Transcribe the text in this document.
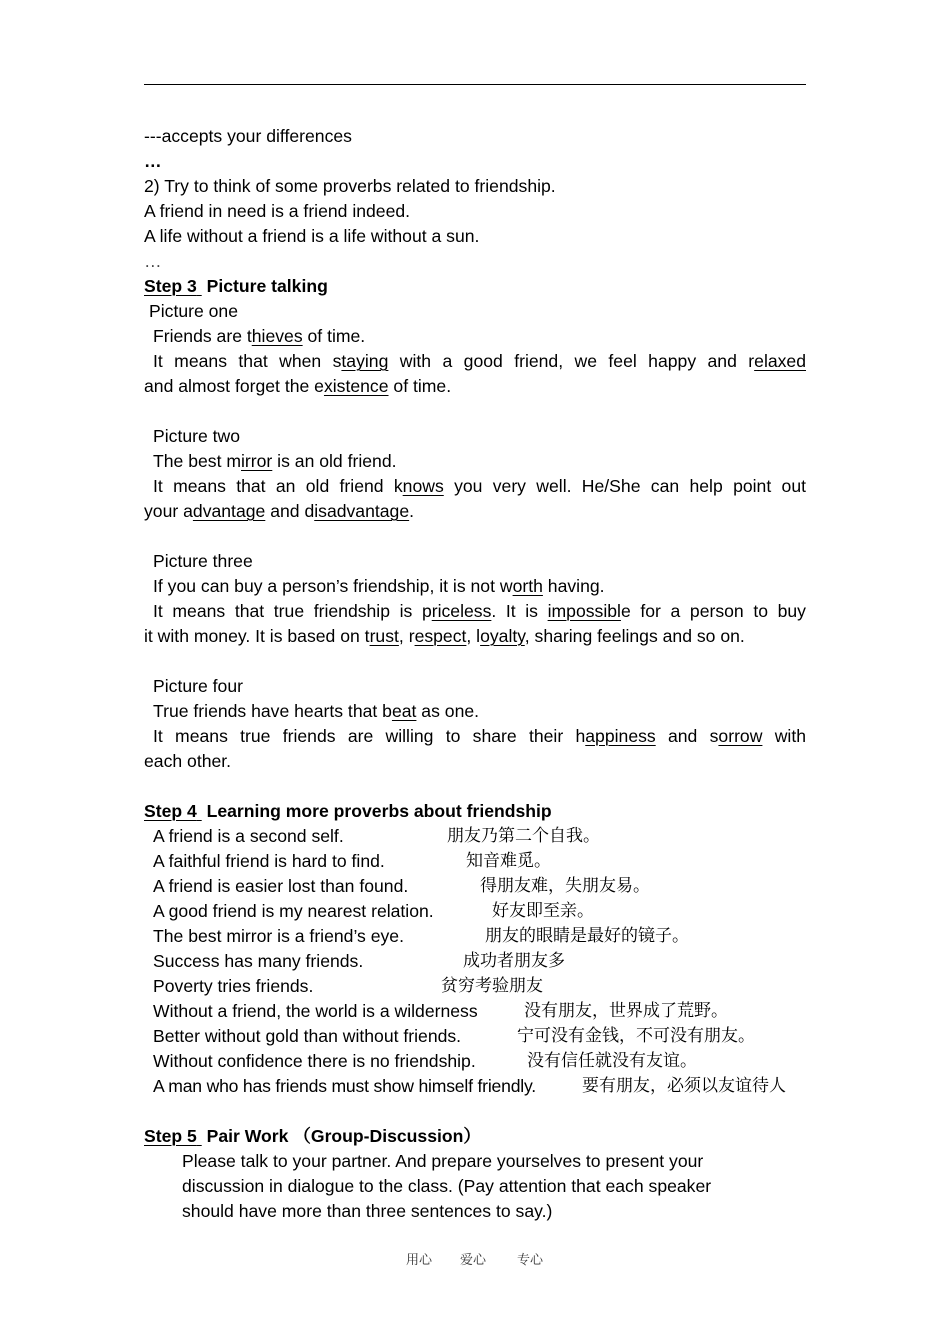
---accepts your differences
…
2) Try to think of some proverbs related to friendship.
A friend in need is a friend indeed.
A life without a friend is a life without a sun.
…
Step 3 Picture talking
Picture one
Friends are thieves of time.
It means that when staying with a good friend, we feel happy and relaxed
and almost forget the existence of time.
Picture two
The best mirror is an old friend.
It means that an old friend knows you very well. He/She can help point out
your advantage and disadvantage.
Picture three
If you can buy a person’s friendship, it is not worth having.
It means that true friendship is priceless. It is impossible for a person to buy
it with money. It is based on trust, respect, loyalty, sharing feelings and so on.
Picture four
True friends have hearts that beat as one.
It means true friends are willing to share their happiness and sorrow with
each other.
Step 4 Learning more proverbs about friendship
A friend is a second self.	朋友乃第二个自我。
A faithful friend is hard to find.	知音难觅。
A friend is easier lost than found.	得朋友难，失朋友易。
A good friend is my nearest relation.	好友即至亲。
The best mirror is a friend’s eye.	朋友的眼睛是最好的镜子。
Success has many friends.	成功者朋友多
Poverty tries friends.	贫穷考验朋友
Without a friend, the world is a wilderness	没有朋友，世界成了荒野。
Better without gold than without friends.	宁可没有金钱，不可没有朋友。
Without confidence there is no friendship.	没有信任就没有友谊。
A man who has friends must show himself friendly.	要有朋友，必须以友谊待人
Step 5 Pair Work （Group-Discussion）
Please talk to your partner. And prepare yourselves to present your
discussion in dialogue to the class. (Pay attention that each speaker
should have more than three sentences to say.)
用心 爱心 专心
